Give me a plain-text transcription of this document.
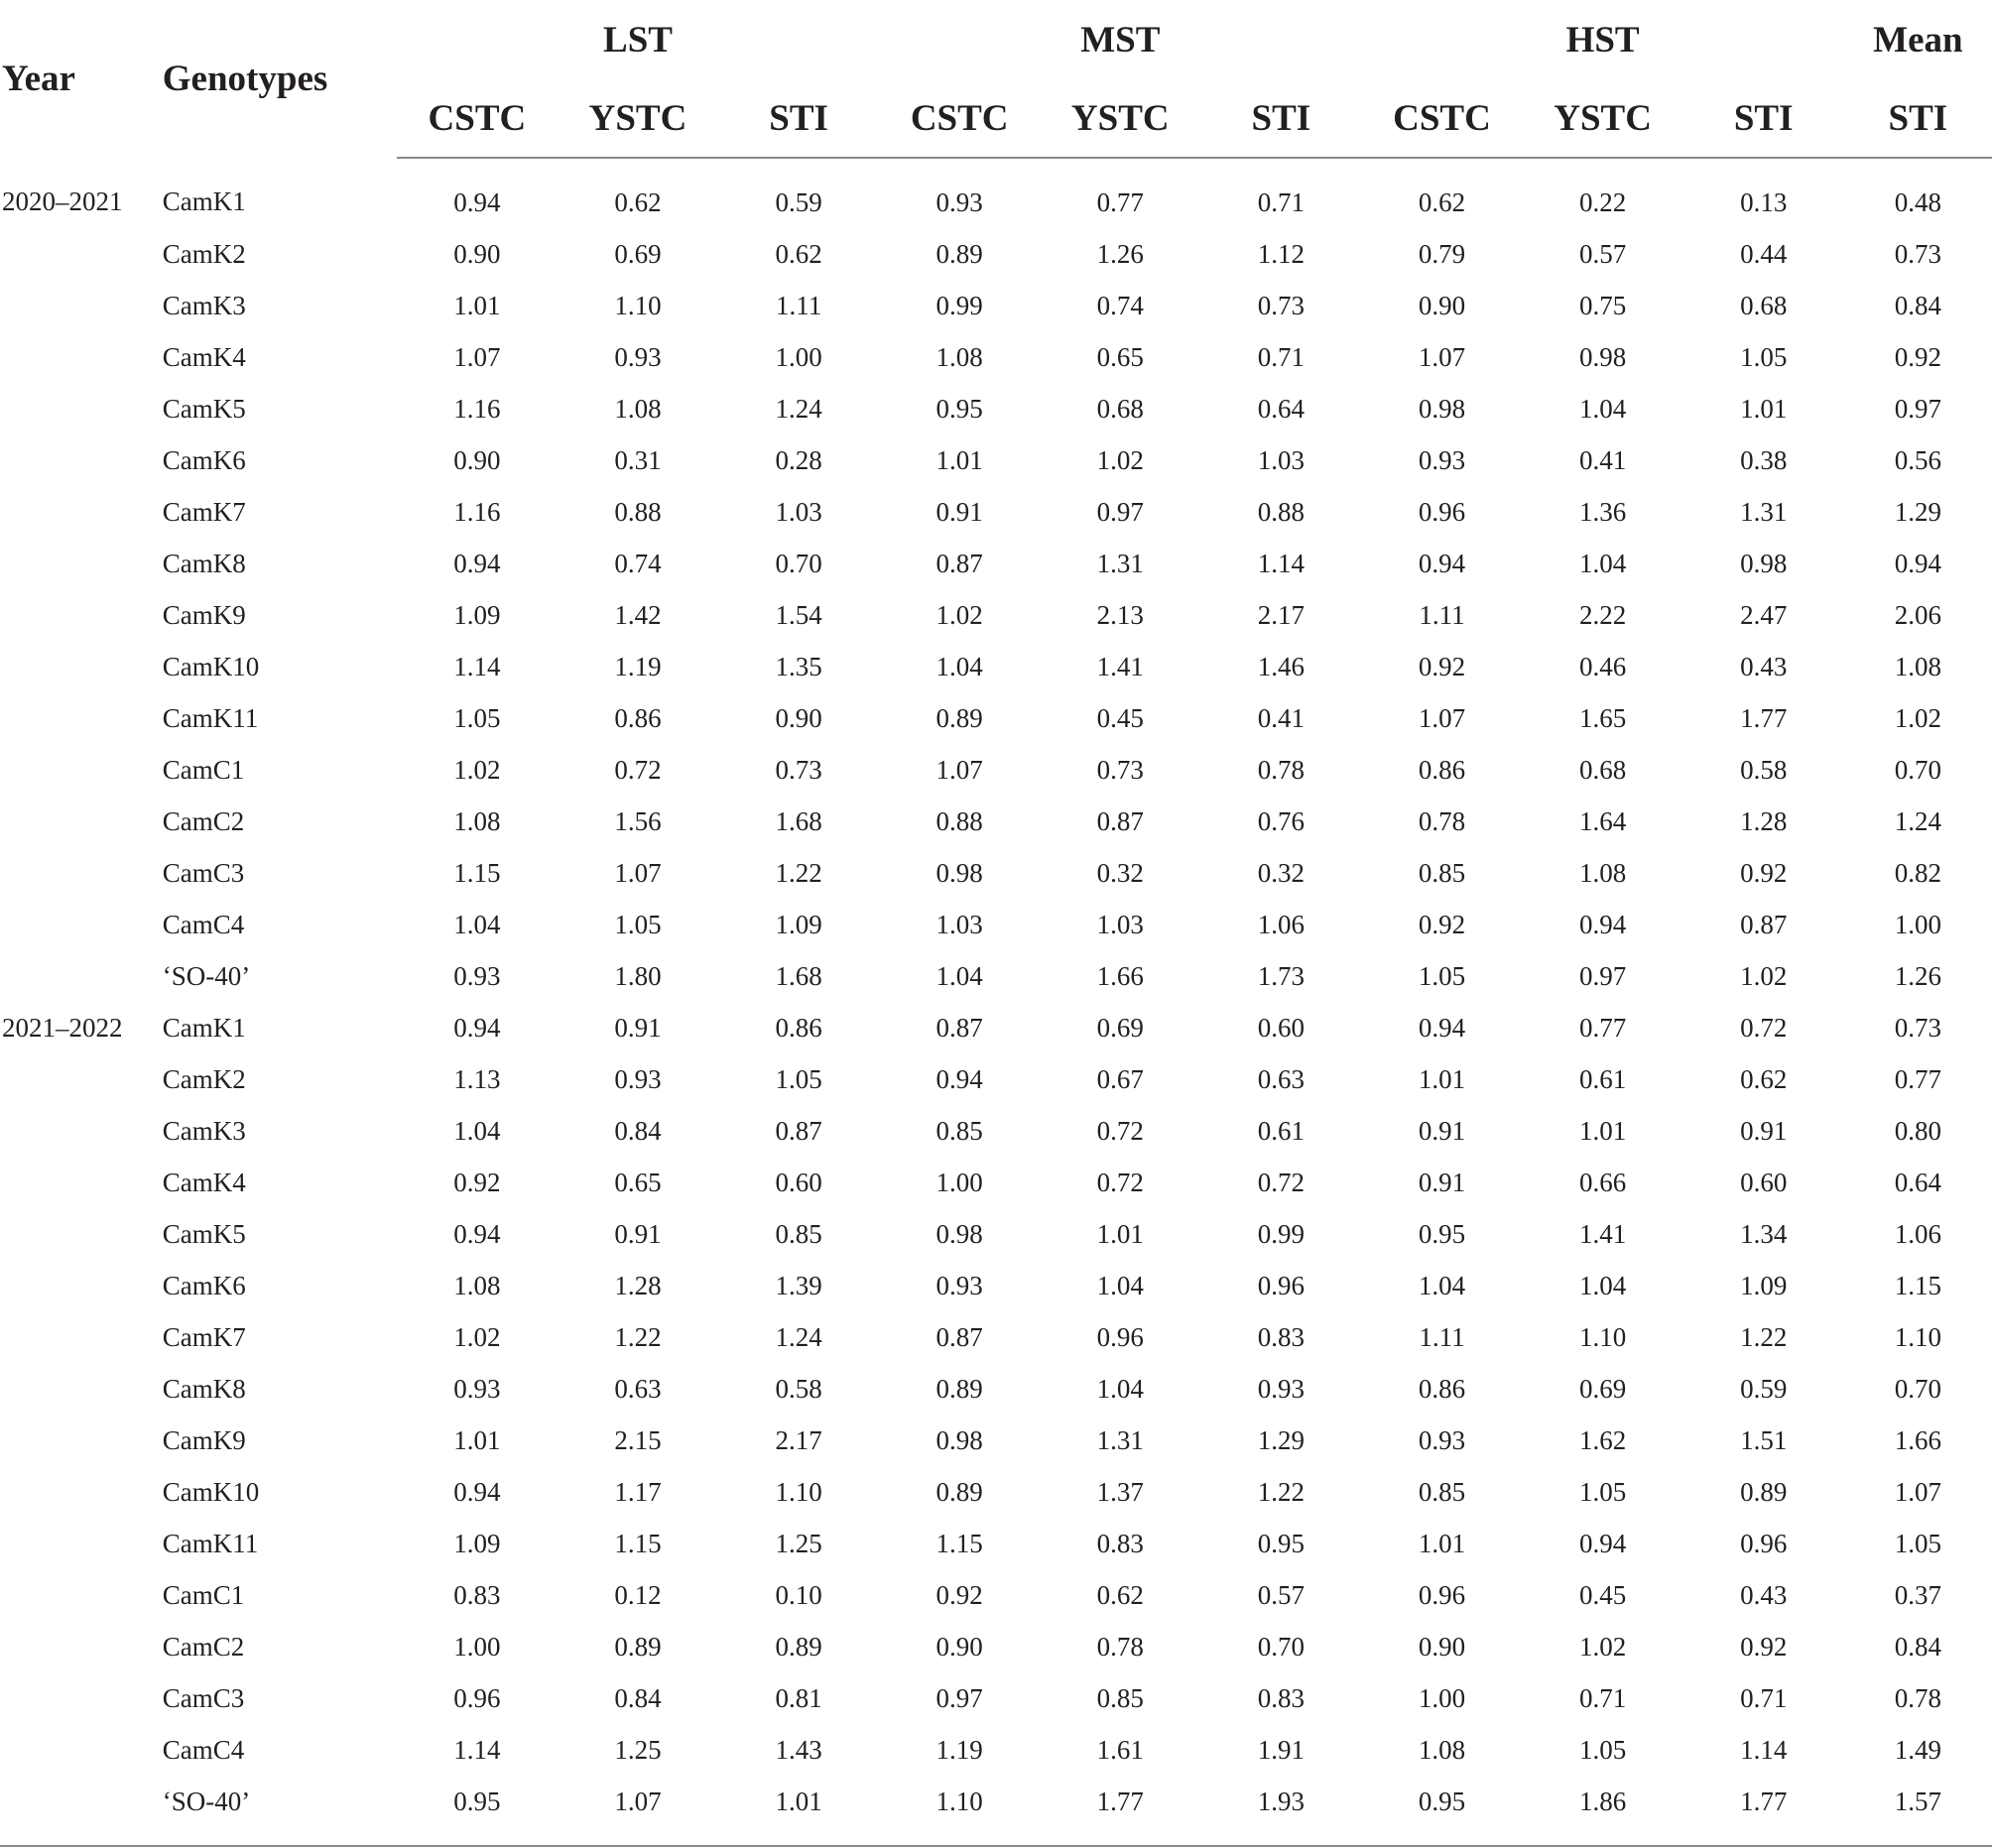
Year	Genotypes	LST			MST			HST			Mean
		CSTC	YSTC	STI	CSTC	YSTC	STI	CSTC	YSTC	STI	STI
2020–2021	CamK1	0.94	0.62	0.59	0.93	0.77	0.71	0.62	0.22	0.13	0.48
	CamK2	0.90	0.69	0.62	0.89	1.26	1.12	0.79	0.57	0.44	0.73
	CamK3	1.01	1.10	1.11	0.99	0.74	0.73	0.90	0.75	0.68	0.84
	CamK4	1.07	0.93	1.00	1.08	0.65	0.71	1.07	0.98	1.05	0.92
	CamK5	1.16	1.08	1.24	0.95	0.68	0.64	0.98	1.04	1.01	0.97
	CamK6	0.90	0.31	0.28	1.01	1.02	1.03	0.93	0.41	0.38	0.56
	CamK7	1.16	0.88	1.03	0.91	0.97	0.88	0.96	1.36	1.31	1.29
	CamK8	0.94	0.74	0.70	0.87	1.31	1.14	0.94	1.04	0.98	0.94
	CamK9	1.09	1.42	1.54	1.02	2.13	2.17	1.11	2.22	2.47	2.06
	CamK10	1.14	1.19	1.35	1.04	1.41	1.46	0.92	0.46	0.43	1.08
	CamK11	1.05	0.86	0.90	0.89	0.45	0.41	1.07	1.65	1.77	1.02
	CamC1	1.02	0.72	0.73	1.07	0.73	0.78	0.86	0.68	0.58	0.70
	CamC2	1.08	1.56	1.68	0.88	0.87	0.76	0.78	1.64	1.28	1.24
	CamC3	1.15	1.07	1.22	0.98	0.32	0.32	0.85	1.08	0.92	0.82
	CamC4	1.04	1.05	1.09	1.03	1.03	1.06	0.92	0.94	0.87	1.00
	‘SO-40’	0.93	1.80	1.68	1.04	1.66	1.73	1.05	0.97	1.02	1.26
2021–2022	CamK1	0.94	0.91	0.86	0.87	0.69	0.60	0.94	0.77	0.72	0.73
	CamK2	1.13	0.93	1.05	0.94	0.67	0.63	1.01	0.61	0.62	0.77
	CamK3	1.04	0.84	0.87	0.85	0.72	0.61	0.91	1.01	0.91	0.80
	CamK4	0.92	0.65	0.60	1.00	0.72	0.72	0.91	0.66	0.60	0.64
	CamK5	0.94	0.91	0.85	0.98	1.01	0.99	0.95	1.41	1.34	1.06
	CamK6	1.08	1.28	1.39	0.93	1.04	0.96	1.04	1.04	1.09	1.15
	CamK7	1.02	1.22	1.24	0.87	0.96	0.83	1.11	1.10	1.22	1.10
	CamK8	0.93	0.63	0.58	0.89	1.04	0.93	0.86	0.69	0.59	0.70
	CamK9	1.01	2.15	2.17	0.98	1.31	1.29	0.93	1.62	1.51	1.66
	CamK10	0.94	1.17	1.10	0.89	1.37	1.22	0.85	1.05	0.89	1.07
	CamK11	1.09	1.15	1.25	1.15	0.83	0.95	1.01	0.94	0.96	1.05
	CamC1	0.83	0.12	0.10	0.92	0.62	0.57	0.96	0.45	0.43	0.37
	CamC2	1.00	0.89	0.89	0.90	0.78	0.70	0.90	1.02	0.92	0.84
	CamC3	0.96	0.84	0.81	0.97	0.85	0.83	1.00	0.71	0.71	0.78
	CamC4	1.14	1.25	1.43	1.19	1.61	1.91	1.08	1.05	1.14	1.49
	‘SO-40’	0.95	1.07	1.01	1.10	1.77	1.93	0.95	1.86	1.77	1.57
